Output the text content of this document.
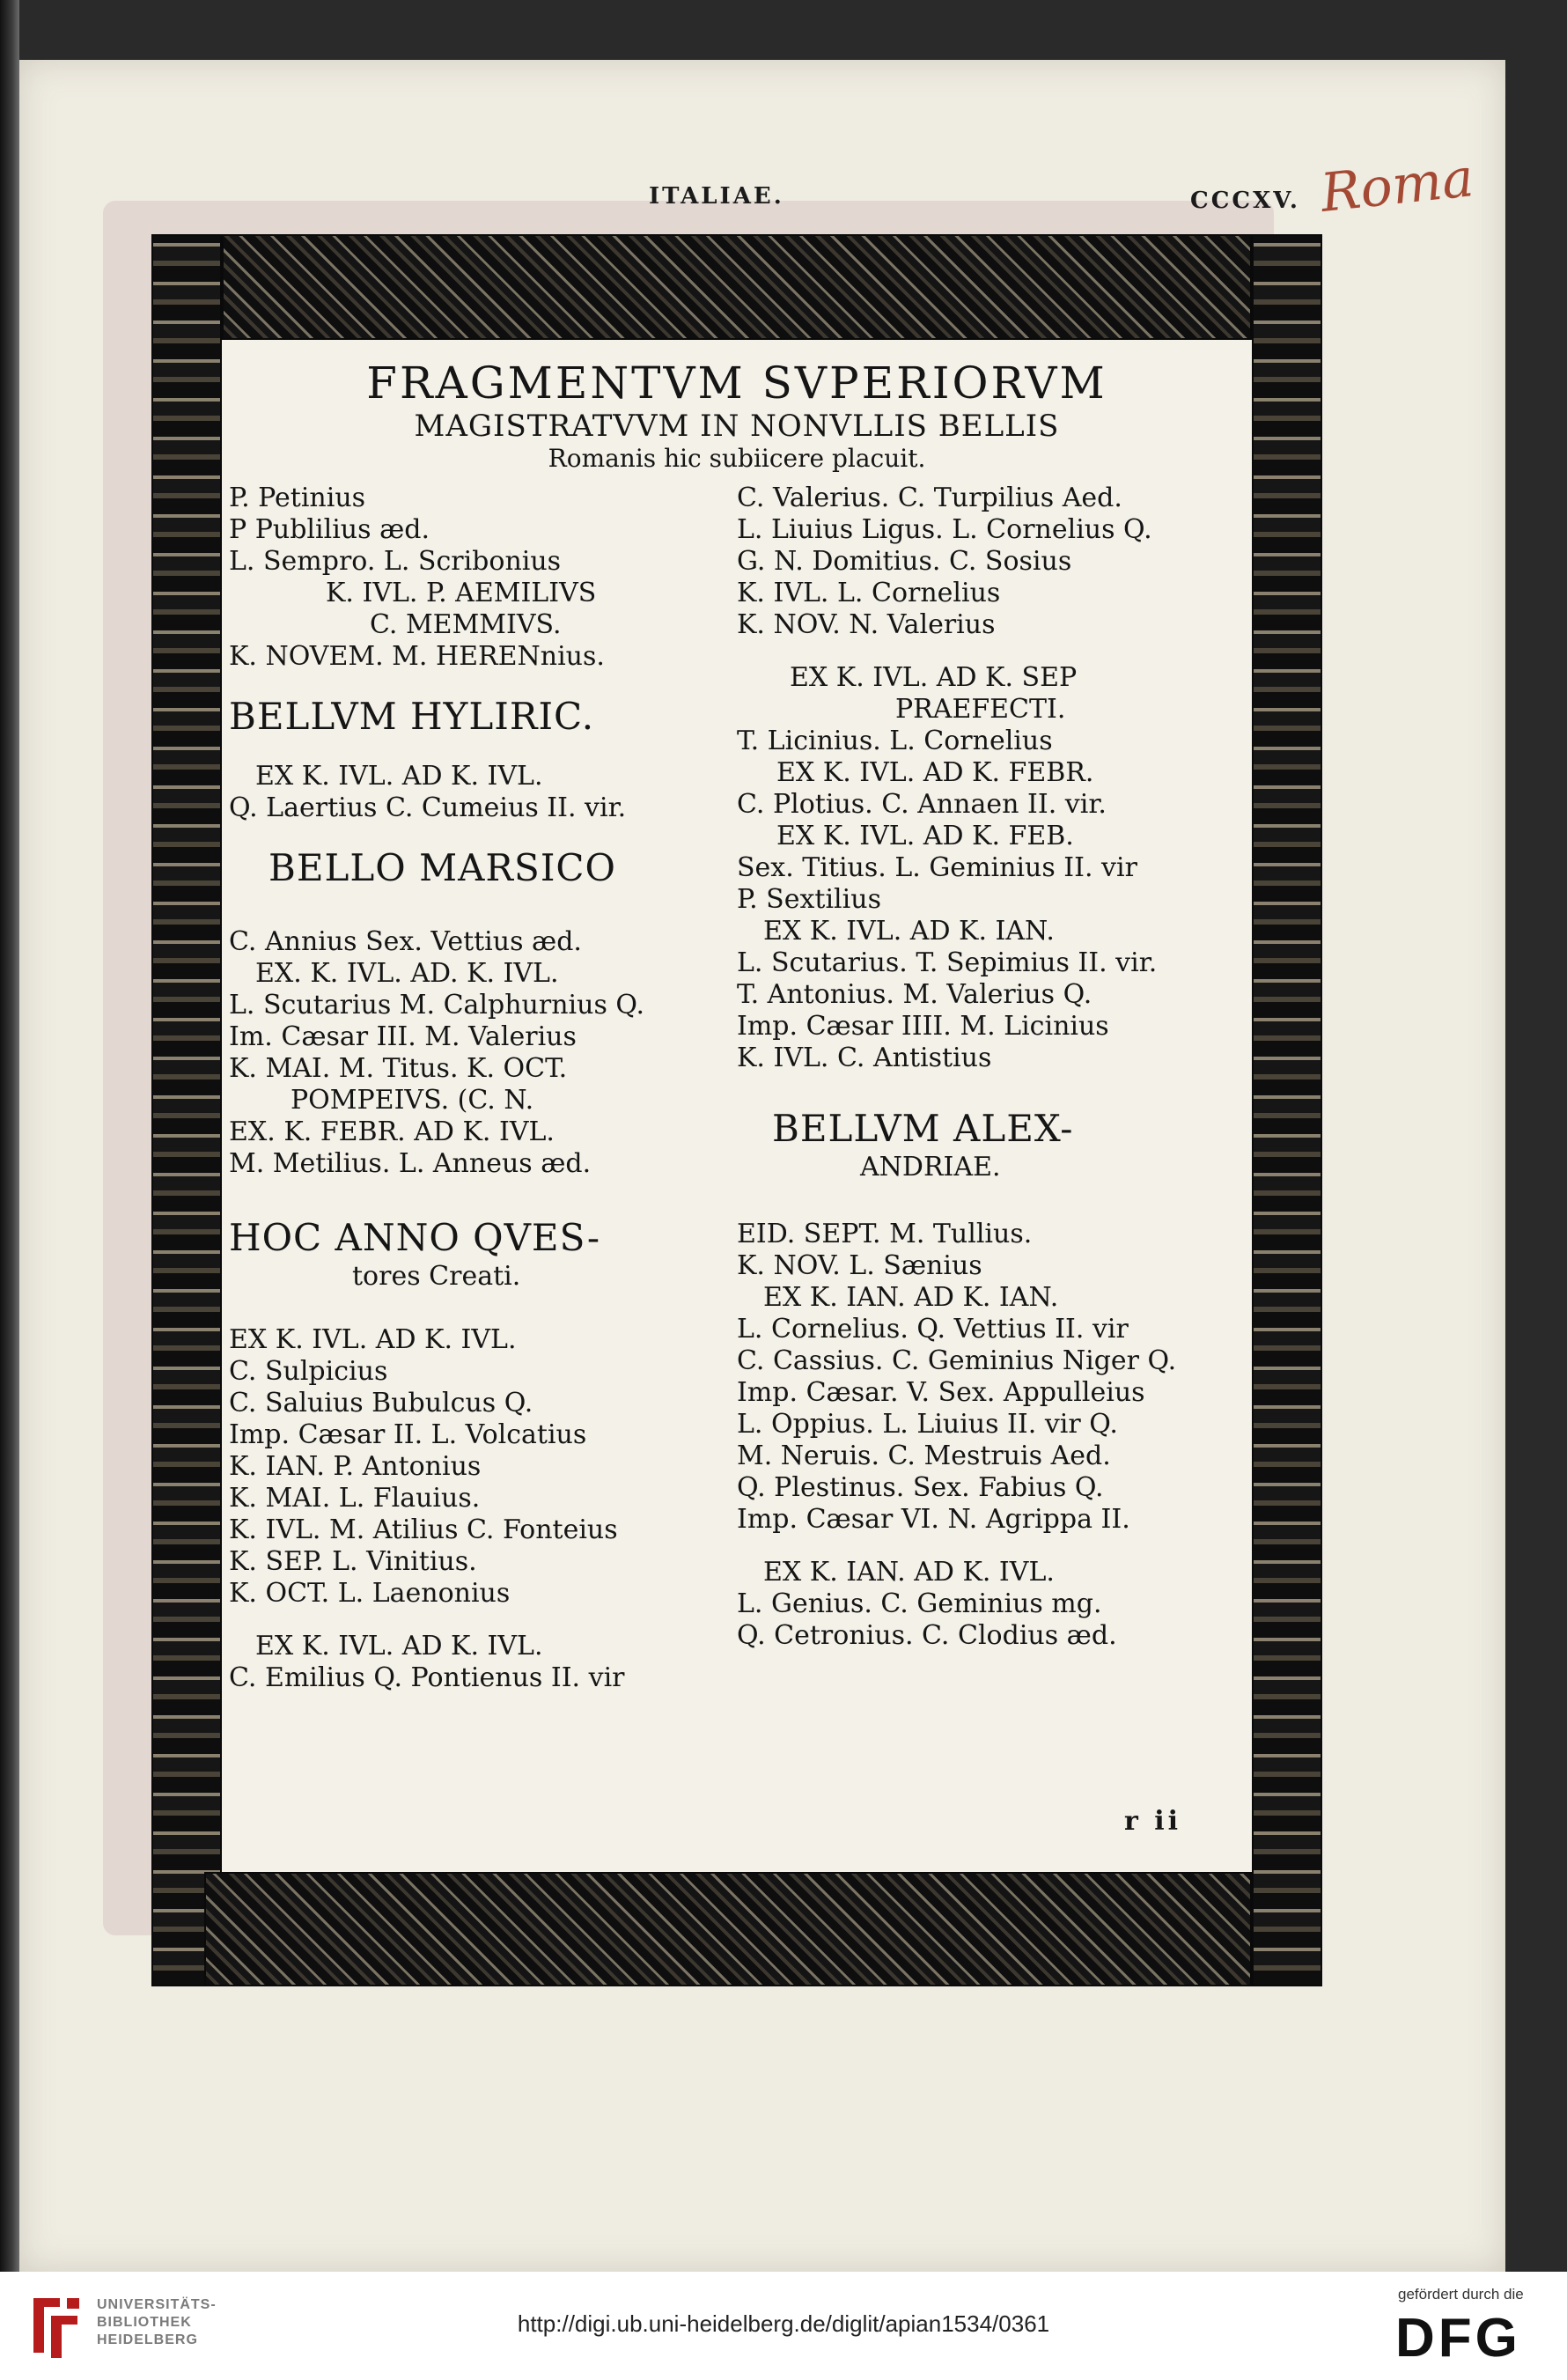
ITALIAE.	CCCXV. Roma
FRAGMENTVM SVPERIORVM
MAGISTRATVVM IN NONVLLIS BELLIS
Romanis hic subiicere placuit.
P. Petinius
P Publilius æd.
L. Sempro. L. Scribonius
K. IVL. P. AEMILIVS
C. MEMMIVS.
K. NOVEM. M. HERENnius.
BELLVM HYLIRIC.
EX K. IVL. AD K. IVL.
Q. Laertius C. Cumeius II. vir.
BELLO MARSICO
C. Annius Sex. Vettius æd.
EX. K. IVL. AD. K. IVL.
L. Scutarius M. Calphurnius Q.
Im. Cæsar III. M. Valerius
K. MAI. M. Titus. K. OCT.
POMPEIVS. (C. N.
EX. K. FEBR. AD K. IVL.
M. Metilius. L. Anneus æd.
HOC ANNO QVES-
tores Creati.
EX K. IVL. AD K. IVL.
C. Sulpicius
C. Saluius Bubulcus Q.
Imp. Cæsar II. L. Volcatius
K. IAN. P. Antonius
K. MAI. L. Flauius.
K. IVL. M. Atilius C. Fonteius
K. SEP. L. Vinitius.
K. OCT. L. Laenonius
EX K. IVL. AD K. IVL.
C. Emilius Q. Pontienus II. vir
C. Valerius. C. Turpilius Aed.
L. Liuius Ligus. L. Cornelius Q.
G. N. Domitius. C. Sosius
K. IVL. L. Cornelius
K. NOV. N. Valerius
EX K. IVL. AD K. SEP
PRAEFECTI.
T. Licinius. L. Cornelius
EX K. IVL. AD K. FEBR.
C. Plotius. C. Annaen II. vir.
EX K. IVL. AD K. FEB.
Sex. Titius. L. Geminius II. vir
P. Sextilius
EX K. IVL. AD K. IAN.
L. Scutarius. T. Sepimius II. vir.
T. Antonius. M. Valerius Q.
Imp. Cæsar IIII. M. Licinius
K. IVL. C. Antistius
BELLVM ALEX-
ANDRIAE.
EID. SEPT. M. Tullius.
K. NOV. L. Sænius
EX K. IAN. AD K. IAN.
L. Cornelius. Q. Vettius II. vir
C. Cassius. C. Geminius Niger Q.
Imp. Cæsar. V. Sex. Appulleius
L. Oppius. L. Liuius II. vir Q.
M. Neruis. C. Mestruis Aed.
Q. Plestinus. Sex. Fabius Q.
Imp. Cæsar VI. N. Agrippa II.
EX K. IAN. AD K. IVL.
L. Genius. C. Geminius mg.
Q. Cetronius. C. Clodius æd.
r ii
UNIVERSITÄTS-
BIBLIOTHEK
HEIDELBERG
http://digi.ub.uni-heidelberg.de/diglit/apian1534/0361
gefördert durch die
DFG
